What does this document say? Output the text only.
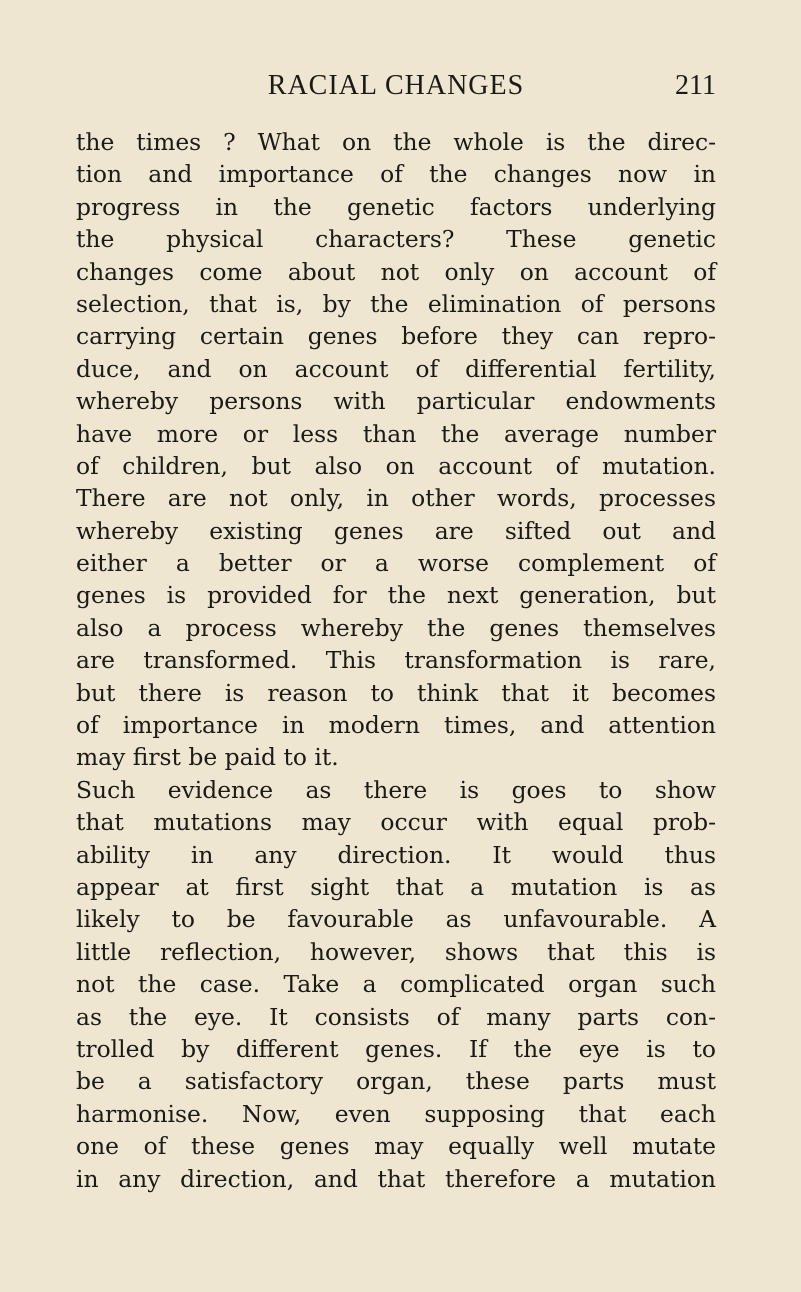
RACIAL CHANGES	211
the times ? What on the whole is the direc-
tion and importance of the changes now in
progress in the genetic factors underlying
the physical characters? These genetic
changes come about not only on account of
selection, that is, by the elimination of persons
carrying certain genes before they can repro-
duce, and on account of differential fertility,
whereby persons with particular endowments
have more or less than the average number
of children, but also on account of mutation.
There are not only, in other words, processes
whereby existing genes are sifted out and
either a better or a worse complement of
genes is provided for the next generation, but
also a process whereby the genes themselves
are transformed. This transformation is rare,
but there is reason to think that it becomes
of importance in modern times, and attention
may first be paid to it.
Such evidence as there is goes to show
that mutations may occur with equal prob-
ability in any direction. It would thus
appear at first sight that a mutation is as
likely to be favourable as unfavourable. A
little reflection, however, shows that this is
not the case. Take a complicated organ such
as the eye. It consists of many parts con-
trolled by different genes. If the eye is to
be a satisfactory organ, these parts must
harmonise. Now, even supposing that each
one of these genes may equally well mutate
in any direction, and that therefore a mutation
